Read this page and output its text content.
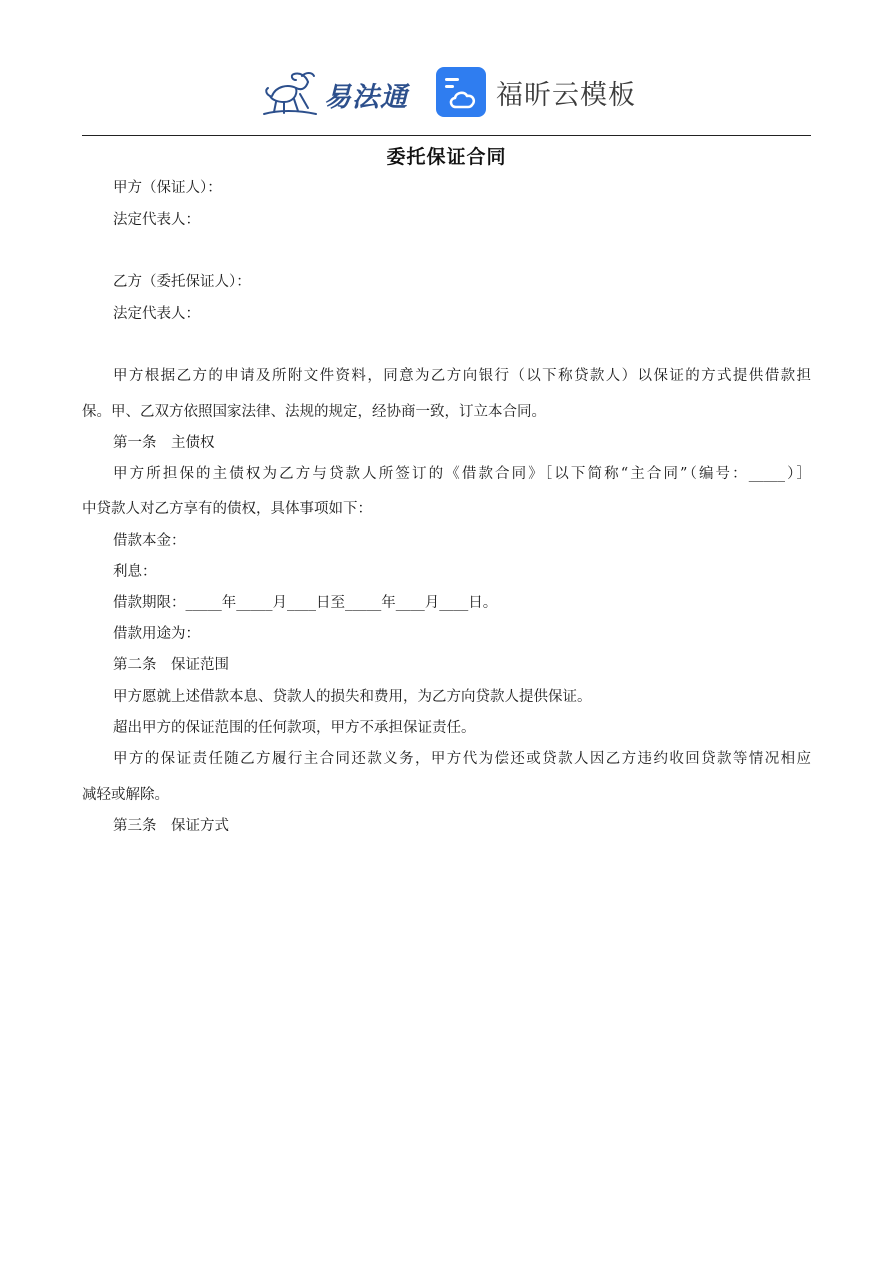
易法通	福昕云模板
委托保证合同
甲方（保证人）：
法定代表人：
乙方（委托保证人）：
法定代表人：
甲方根据乙方的申请及所附文件资料，同意为乙方向银行（以下称贷款人）以保证的方式提供借款担
保。甲、乙双方依照国家法律、法规的规定，经协商一致，订立本合同。
第一条　主债权
甲方所担保的主债权为乙方与贷款人所签订的《借款合同》［以下简称“主合同”（编号：_____）］
中贷款人对乙方享有的债权，具体事项如下：
借款本金：
利息：
借款期限：_____年_____月____日至_____年____月____日。
借款用途为：
第二条　保证范围
甲方愿就上述借款本息、贷款人的损失和费用，为乙方向贷款人提供保证。
超出甲方的保证范围的任何款项，甲方不承担保证责任。
甲方的保证责任随乙方履行主合同还款义务，甲方代为偿还或贷款人因乙方违约收回贷款等情况相应
减轻或解除。
第三条　保证方式
